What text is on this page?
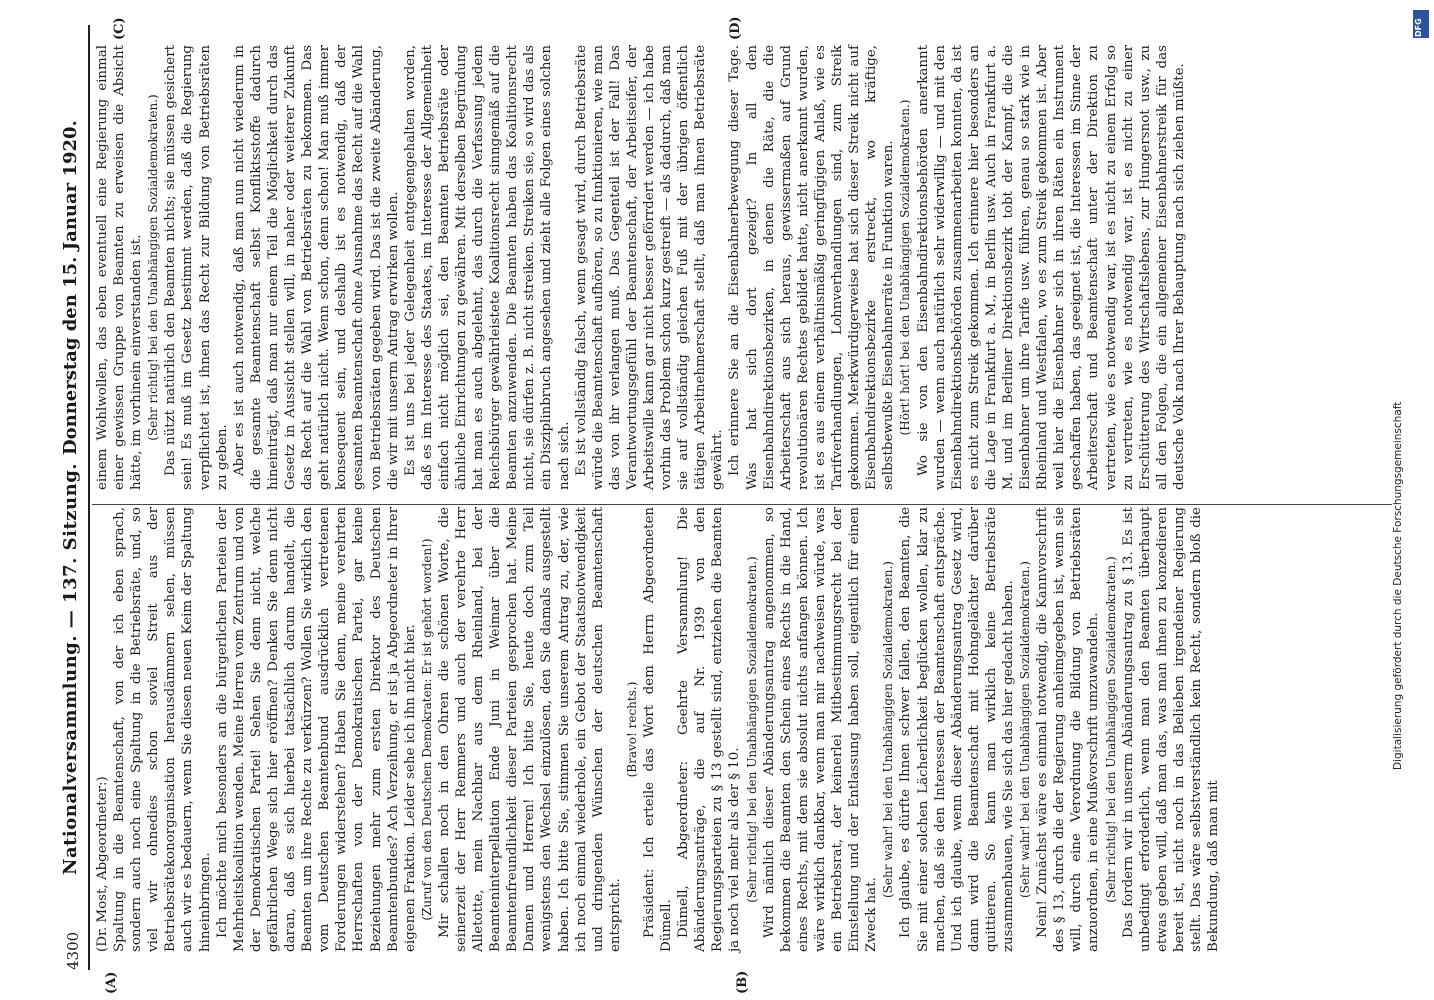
4300
Nationalversammlung. — 137. Sitzung.
Donnerstag den 15. Januar 1920.
(A)	(B)
(C)	(D)

(Dr. Most, Abgeordneter:) Spaltung in die Beamtenschaft, von der ich eben sprach, sondern auch noch eine Spaltung in die Betriebsräte, und, so viel wir ohnedies schon soviel Streit aus der Betriebsrätekonorganisation herausdämmern sehen, müssen auch wir es bedauern, wenn Sie diesen neuen Keim der Spaltung hineinbringen. Ich möchte mich besonders an die bürgerlichen Parteien der Mehrheitskoalition wenden. Meine Herren vom Zentrum und von der Demokratischen Partei! Sehen Sie denn nicht, welche gefährlichen Wege sich hier eröffnen? Denken Sie denn nicht daran, daß es sich hierbei tatsächlich darum handelt, die Beamten um ihre Rechte zu verkürzen? Wollen Sie wirklich den vom Deutschen Beamtenbund ausdrücklich vertretenen Forderungen widerstehen? Haben Sie denn, meine verehrten Herrschaften von der Demokratischen Partei, gar keine Beziehungen mehr zum ersten Direktor des Deutschen Beamtenbundes? Ach Verzeihung, er ist ja Abgeordneter in Ihrer eigenen Fraktion. Leider sehe ich ihn nicht hier. (Zuruf von den Deutschen Demokraten: Er ist gehört worden!) Mir schallen noch in den Ohren die schönen Worte, die seinerzeit der Herr Remmers und auch der verehrte Herr Alletotte, mein Nachbar aus dem Rheinland, bei der Beamteninterpellation Ende Juni in Weimar über die Beamtenfreundlichkeit dieser Parteien gesprochen hat. Meine Damen und Herren! Ich bitte Sie, heute doch zum Teil wenigstens den Wechsel einzulösen, den Sie damals ausgestellt haben. Ich bitte Sie, stimmen Sie unserem Antrag zu, der, wie ich noch einmal wiederhole, ein Gebot der Staatsnotwendigkeit und dringenden Wünschen der deutschen Beamtenschaft entspricht.

(Bravo! rechts.) Präsident: Ich erteile das Wort dem Herrn Abgeordneten Dümell. Dümell, Abgeordneter: Geehrte Versammlung! Die Abänderungsanträge, die auf Nr. 1939 von den Regierungsparteien zu § 13 gestellt sind, entziehen die Beamten ja noch viel mehr als der § 10. (Sehr richtig! bei den Unabhängigen Sozialdemokraten.) Wird nämlich dieser Abänderungsantrag angenommen, so bekommen die Beamten den Schein eines Rechts in die Hand, eines Rechts, mit dem sie absolut nichts anfangen können. Ich wäre wirklich dankbar, wenn man mir nachweisen würde, was ein Betriebsrat, der keinerlei Mitbestimmungsrecht bei der Einstellung und der Entlassung haben soll, eigentlich für einen Zweck hat.

(Sehr wahr! bei den Unabhängigen Sozialdemokraten.) Ich glaube, es dürfte Ihnen schwer fallen, den Beamten, die Sie mit einer solchen Lächerlichkeit beglücken wollen, klar zu machen, daß sie den Interessen der Beamtenschaft entspräche. Und ich glaube, wenn dieser Abänderungsantrag Gesetz wird, dann wird die Beamtenschaft mit Hohngelächter darüber quittieren. So kann man wirklich keine Betriebsräte zusammenbauen, wie Sie sich das hier gedacht haben. (Sehr wahr! bei den Unabhängigen Sozialdemokraten.) Nein! Zunächst wäre es einmal notwendig, die Kannvorschrift des § 13, durch die der Regierung anheimgegeben ist, wenn sie will, durch eine Verordnung die Bildung von Betriebsräten anzuordnen, in eine Mußvorschrift umzuwandeln. (Sehr richtig! bei den Unabhängigen Sozialdemokraten.) Das fordern wir in unserm Abänderungsantrag zu § 13. Es ist unbedingt erforderlich, wenn man den Beamten überhaupt etwas geben will, daß man das, was man ihnen zu konzedieren bereit ist, nicht noch in das Belieben irgendeiner Regierung stellt. Das wäre selbstverständlich kein Recht, sondern bloß die Bekundung, daß man mit

einem Wohlwollen, das eben eventuell eine Regierung einmal einer gewissen Gruppe von Beamten zu erweisen die Absicht hätte, im vorhinein einverstanden ist. (Sehr richtig! bei den Unabhängigen Sozialdemokraten.) Das nützt natürlich den Beamten nichts; sie müssen gesichert sein! Es muß im Gesetz bestimmt werden, daß die Regierung verpflichtet ist, ihnen das Recht zur Bildung von Betriebsräten zu geben. Aber es ist auch notwendig, daß man nun nicht wiederum in die gesamte Beamtenschaft selbst Konfliktsstoffe dadurch hineinträgt, daß man nur einem Teil die Möglichkeit durch das Gesetz in Aussicht stellen will, in naher oder weiterer Zukunft das Recht auf die Wahl von Betriebsräten zu bekommen. Das geht natürlich nicht. Wenn schon, denn schon! Man muß immer konsequent sein, und deshalb ist es notwendig, daß der gesamten Beamtenschaft ohne Ausnahme das Recht auf die Wahl von Betriebsräten gegeben wird. Das ist die zweite Abänderung, die wir mit unserm Antrag erwirken wollen. Es ist uns bei jeder Gelegenheit entgegengehalten worden, daß es im Interesse des Staates, im Interesse der Allgemeinheit einfach nicht möglich sei, den Beamten Betriebsräte oder ähnliche Einrichtungen zu gewähren. Mit derselben Begründung hat man es auch abgelehnt, das durch die Verfassung jedem Reichsbürger gewährleistete Koalitionsrecht sinngemäß auf die Beamten anzuwenden. Die Beamten haben das Koalitionsrecht nicht, sie dürfen z. B. nicht streiken. Streiken sie, so wird das als ein Disziplinbruch angesehen und zieht alle Folgen eines solchen nach sich. Es ist vollständig falsch, wenn gesagt wird, durch Betriebsräte würde die Beamtenschaft aufhören, so zu funktionieren, wie man das von ihr verlangen muß. Das Gegenteil ist der Fall! Das Verantwortungsgefühl der Beamtenschaft, der Arbeitseifer, der Arbeitswille kann gar nicht besser geförrdert werden — ich habe vorhin das Problem schon kurz gestreift — als dadurch, daß man sie auf vollständig gleichen Fuß mit der übrigen öffentlich tätigen Arbeitnehmerschaft stellt, daß man ihnen Betriebsräte gewährt. Ich erinnere Sie an die Eisenbahnerbewegung dieser Tage. Was hat sich dort gezeigt? In all den Eisenbahndirektionsbezirken, in denen die Räte, die die Arbeiterschaft aus sich heraus, gewissermaßen auf Grund revolutionären Rechtes gebildet hatte, nicht anerkannt wurden, ist es aus einem verhältnismäßig geringfügigen Anlaß, wie es Tarifverhandlungen, Lohnverhandlungen sind, zum Streik gekommen. Merkwürdigerweise hat sich dieser Streik nicht auf Eisenbahndirektionsbezirke erstreckt, wo kräftige, selbstbewußte Eisenbahnerräte in Funktion waren. (Hört! hört! bei den Unabhängigen Sozialdemokraten.) Wo sie von den Eisenbahndirektionsbehörden anerkannt wurden — wenn auch natürlich sehr widerwillig — und mit den Eisenbahndirektionsbehörden zusammenarbeiten konnten, da ist es nicht zum Streik gekommen. Ich erinnere hier besonders an die Lage in Frankfurt a. M., in Berlin usw. Auch in Frankfurt a. M. und im Berliner Direktionsbezirk tobt der Kampf, die die Eisenbahner um ihre Tarife usw. führen, genau so stark wie in Rheinland und Westfalen, wo es zum Streik gekommen ist. Aber weil hier die Eisenbahner sich in ihren Räten ein Instrument geschaffen haben, das geeignet ist, die Interessen im Sinne der Arbeiterschaft und Beamtenschaft unter der Direktion zu vertreten, wie es notwendig war, ist es nicht zu einem Erfolg so zu vertreten, wie es notwendig war, ist es nicht zu einer Erschütterung des Wirtschaftslebens, zur Hungersnot usw., zu all den Folgen, die ein allgemeiner Eisenbahnerstreik für das deutsche Volk nach Ihrer Behauptung nach sich ziehen müßte.

Digitalisierung gefördert durch die Deutsche Forschungsgemeinschaft
DFG
